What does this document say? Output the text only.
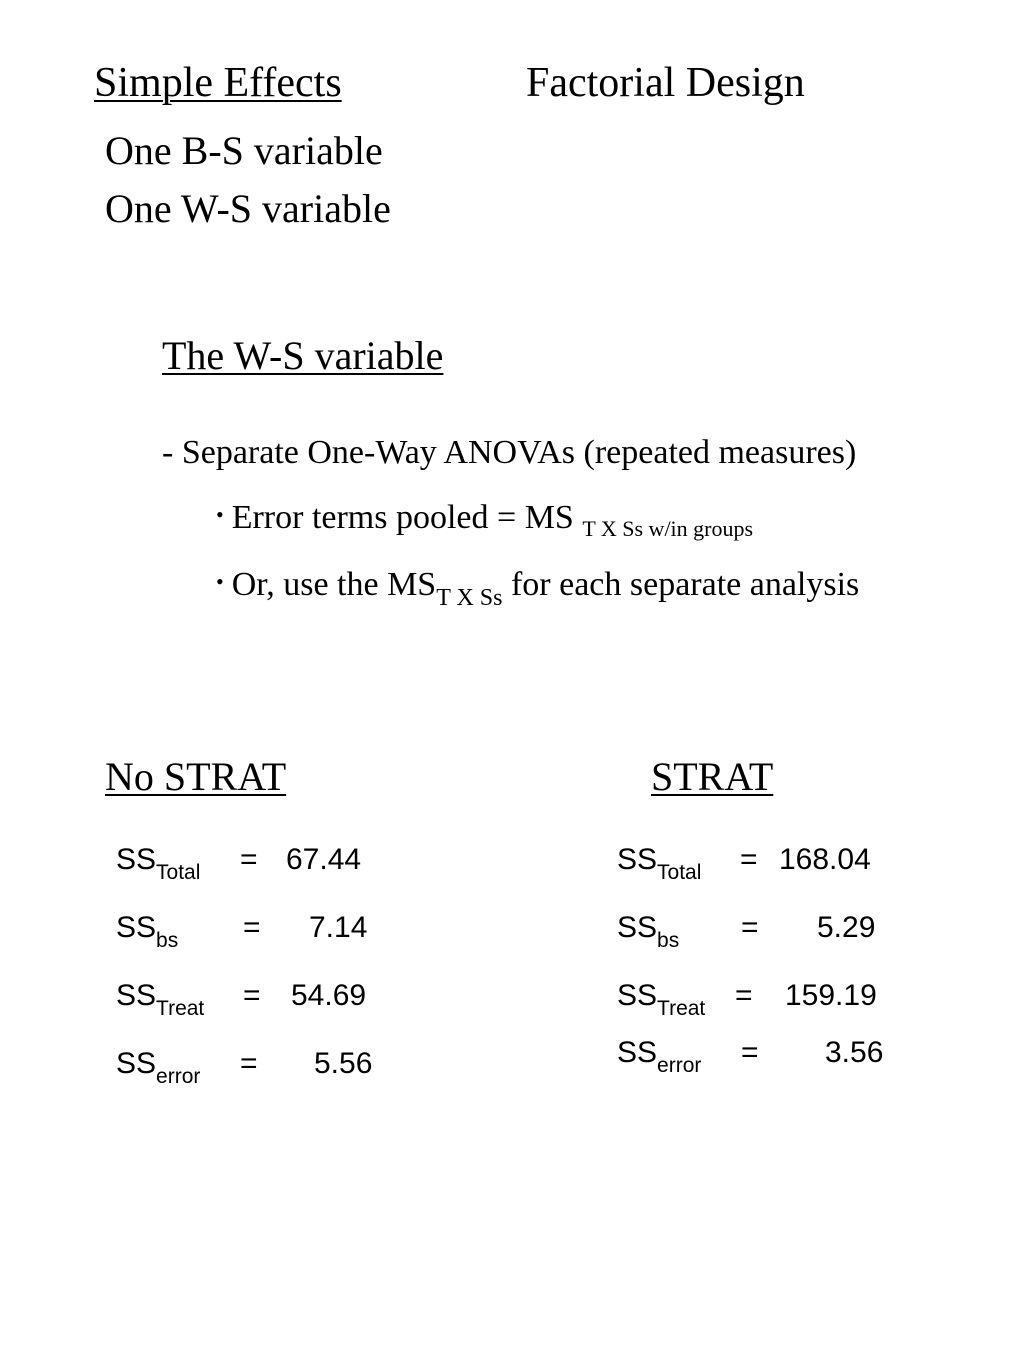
Simple Effects	Factorial Design
One B-S variable
One W-S variable
The W-S variable
- Separate One-Way ANOVAs (repeated measures)
• Error terms pooled = MS $_{T X Ss w/in groups}$
• Or, use the $MS_{T X Ss}$ for each separate analysis
No STRAT
$SS_{Total} = 67.44$
$SS_{bs} = 7.14$
$SS_{Treat} = 54.69$
$SS_{error} = 5.56$
STRAT
$SS_{Total} = 168.04$
$SS_{bs} = 5.29$
$SS_{Treat} = 159.19$
$SS_{error} = 3.56$
